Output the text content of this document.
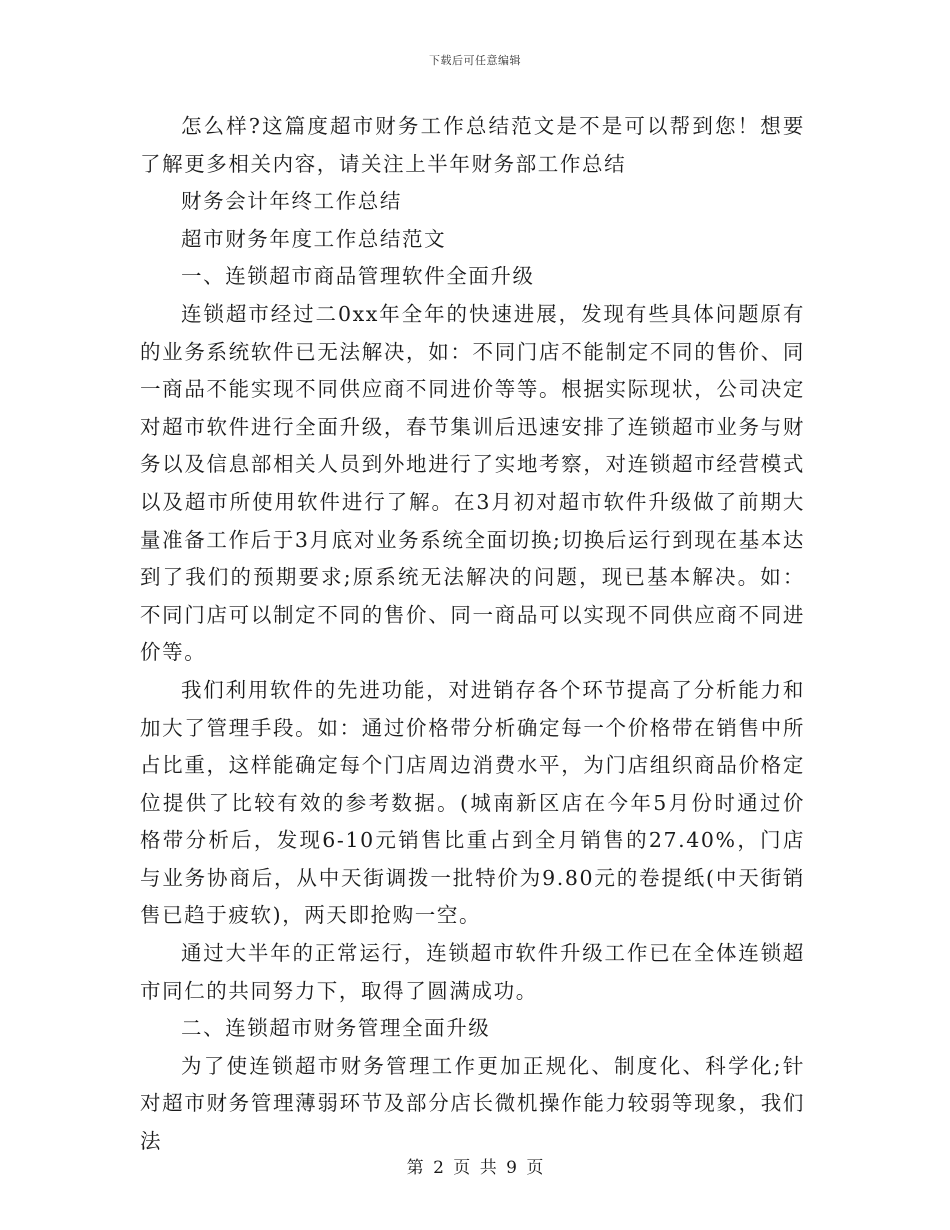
下载后可任意编辑

怎么样?这篇度超市财务工作总结范文是不是可以帮到您！想要了解更多相关内容，请关注上半年财务部工作总结

财务会计年终工作总结

超市财务年度工作总结范文

一、连锁超市商品管理软件全面升级

连锁超市经过二0xx年全年的快速进展，发现有些具体问题原有的业务系统软件已无法解决，如：不同门店不能制定不同的售价、同一商品不能实现不同供应商不同进价等等。根据实际现状，公司决定对超市软件进行全面升级，春节集训后迅速安排了连锁超市业务与财务以及信息部相关人员到外地进行了实地考察，对连锁超市经营模式以及超市所使用软件进行了解。在3月初对超市软件升级做了前期大量准备工作后于3月底对业务系统全面切换;切换后运行到现在基本达到了我们的预期要求;原系统无法解决的问题，现已基本解决。如：不同门店可以制定不同的售价、同一商品可以实现不同供应商不同进价等。

我们利用软件的先进功能，对进销存各个环节提高了分析能力和加大了管理手段。如：通过价格带分析确定每一个价格带在销售中所占比重，这样能确定每个门店周边消费水平，为门店组织商品价格定位提供了比较有效的参考数据。(城南新区店在今年5月份时通过价格带分析后，发现6-10元销售比重占到全月销售的27.40%，门店与业务协商后，从中天街调拨一批特价为9.80元的卷提纸(中天街销售已趋于疲软)，两天即抢购一空。

通过大半年的正常运行，连锁超市软件升级工作已在全体连锁超市同仁的共同努力下，取得了圆满成功。

二、连锁超市财务管理全面升级

为了使连锁超市财务管理工作更加正规化、制度化、科学化;针对超市财务管理薄弱环节及部分店长微机操作能力较弱等现象，我们法

第 2 页 共 9 页
